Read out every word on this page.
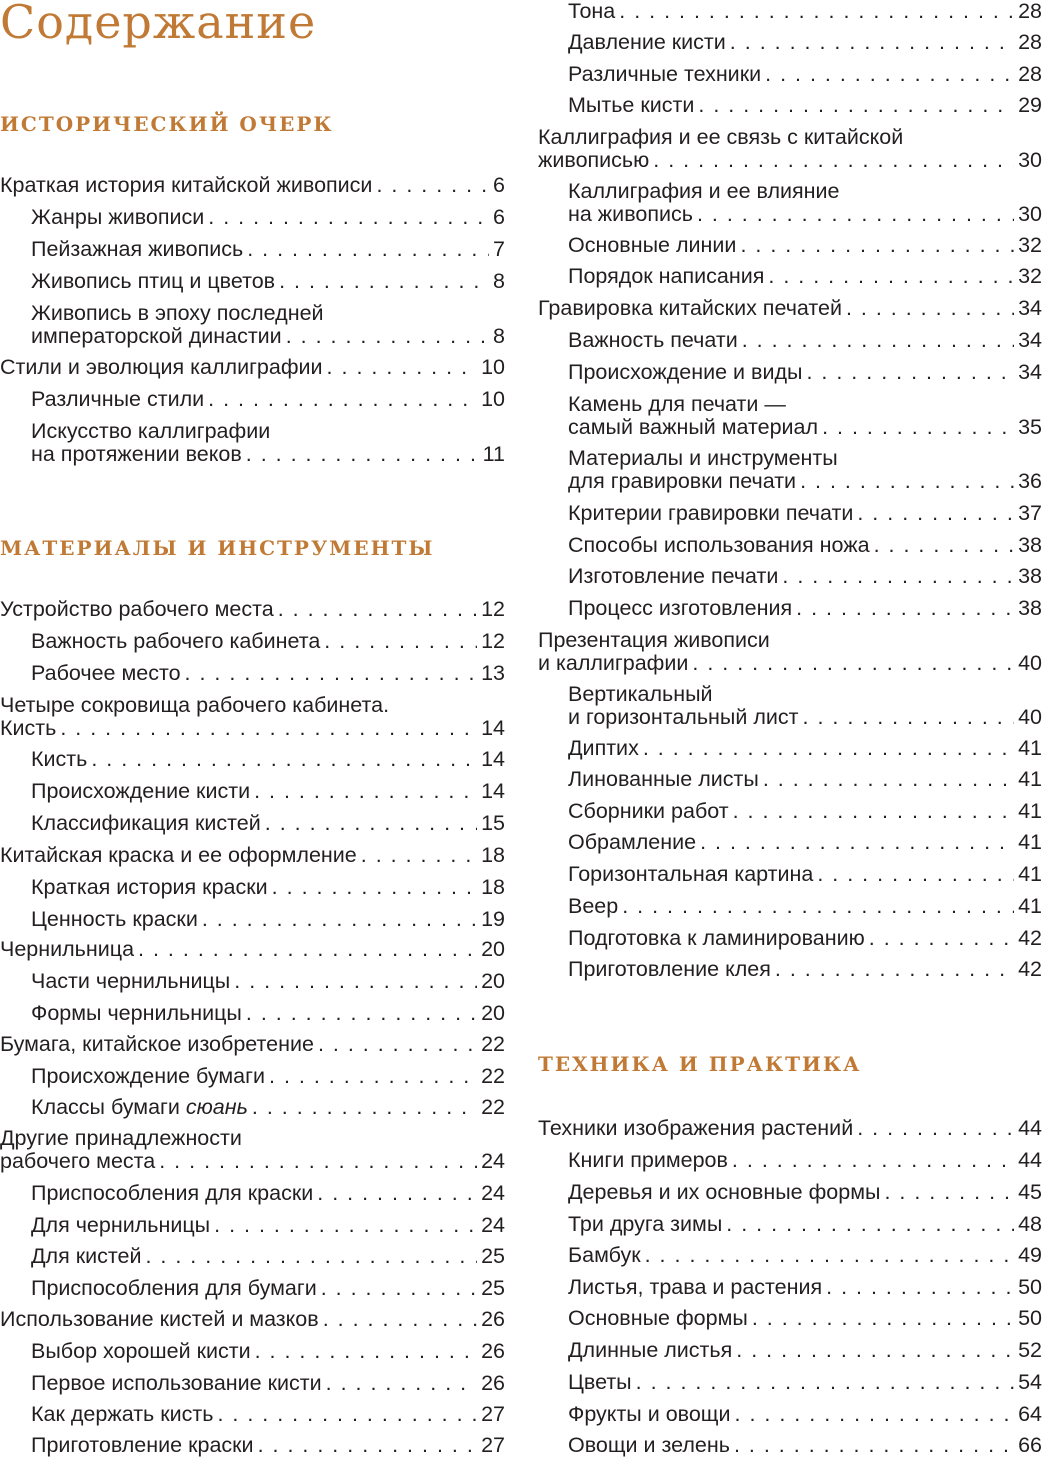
Содержание
ИСТОРИЧЕСКИЙ ОЧЕРК
Краткая история китайской живописи . . .	6
Жанры живописи . . .	6
Пейзажная живопись . . .	7
Живопись птиц и цветов . . .	8
Живопись в эпоху последней
императорской династии . . .	8
Стили и эволюция каллиграфии . . .	10
Различные стили . . .	10
Искусство каллиграфии
на протяжении веков . . .	11
МАТЕРИАЛЫ И ИНСТРУМЕНТЫ
Устройство рабочего места . . .	12
Важность рабочего кабинета . . .	12
Рабочее место . . .	13
Четыре сокровища рабочего кабинета.
Кисть . . .	14
Кисть . . .	14
Происхождение кисти . . .	14
Классификация кистей . . .	15
Китайская краска и ее оформление . . .	18
Краткая история краски . . .	18
Ценность краски . . .	19
Чернильница . . .	20
Части чернильницы . . .	20
Формы чернильницы . . .	20
Бумага, китайское изобретение . . .	22
Происхождение бумаги . . .	22
Классы бумаги сюань . . .	22
Другие принадлежности
рабочего места . . .	24
Приспособления для краски . . .	24
Для чернильницы . . .	24
Для кистей . . .	25
Приспособления для бумаги . . .	25
Использование кистей и мазков . . .	26
Выбор хорошей кисти . . .	26
Первое использование кисти . . .	26
Как держать кисть . . .	27
Приготовление краски . . .	27
Тона . . .	28
Давление кисти . . .	28
Различные техники . . .	28
Мытье кисти . . .	29
Каллиграфия и ее связь с китайской
живописью . . .	30
Каллиграфия и ее влияние
на живопись . . .	30
Основные линии . . .	32
Порядок написания . . .	32
Гравировка китайских печатей . . .	34
Важность печати . . .	34
Происхождение и виды . . .	34
Камень для печати —
самый важный материал . . .	35
Материалы и инструменты
для гравировки печати . . .	36
Критерии гравировки печати . . .	37
Способы использования ножа . . .	38
Изготовление печати . . .	38
Процесс изготовления . . .	38
Презентация живописи
и каллиграфии . . .	40
Вертикальный
и горизонтальный лист . . .	40
Диптих . . .	41
Линованные листы . . .	41
Сборники работ . . .	41
Обрамление . . .	41
Горизонтальная картина . . .	41
Веер . . .	41
Подготовка к ламинированию . . .	42
Приготовление клея . . .	42
ТЕХНИКА И ПРАКТИКА
Техники изображения растений . . .	44
Книги примеров . . .	44
Деревья и их основные формы . . .	45
Три друга зимы . . .	48
Бамбук . . .	49
Листья, трава и растения . . .	50
Основные формы . . .	50
Длинные листья . . .	52
Цветы . . .	54
Фрукты и овощи . . .	64
Овощи и зелень . . .	66
